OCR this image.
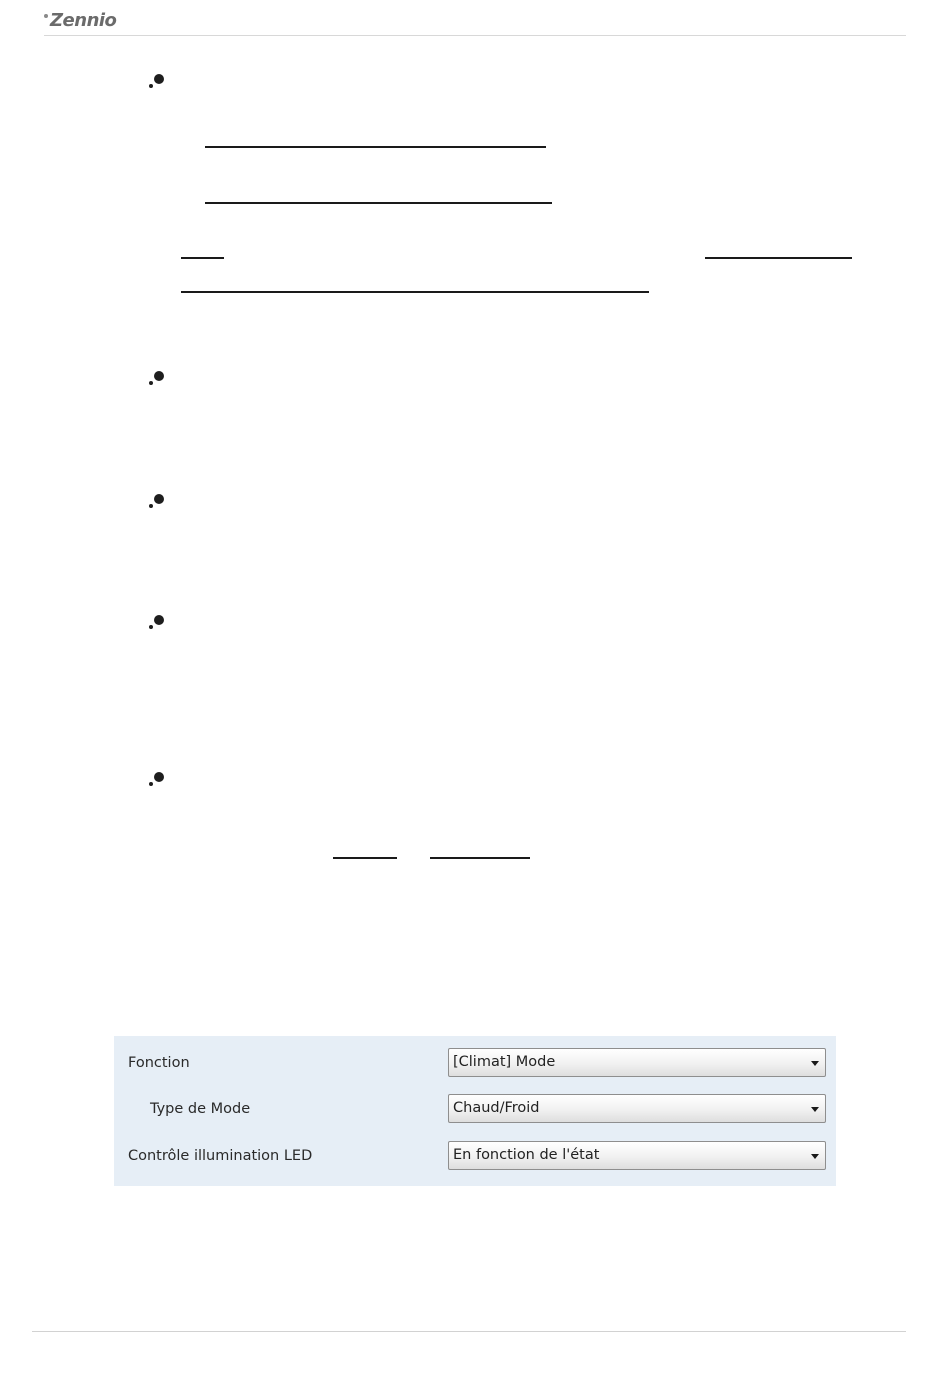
Zennio
Fonction	[Climat] Mode
Type de Mode	Chaud/Froid
Contrôle illumination LED	En fonction de l'état
